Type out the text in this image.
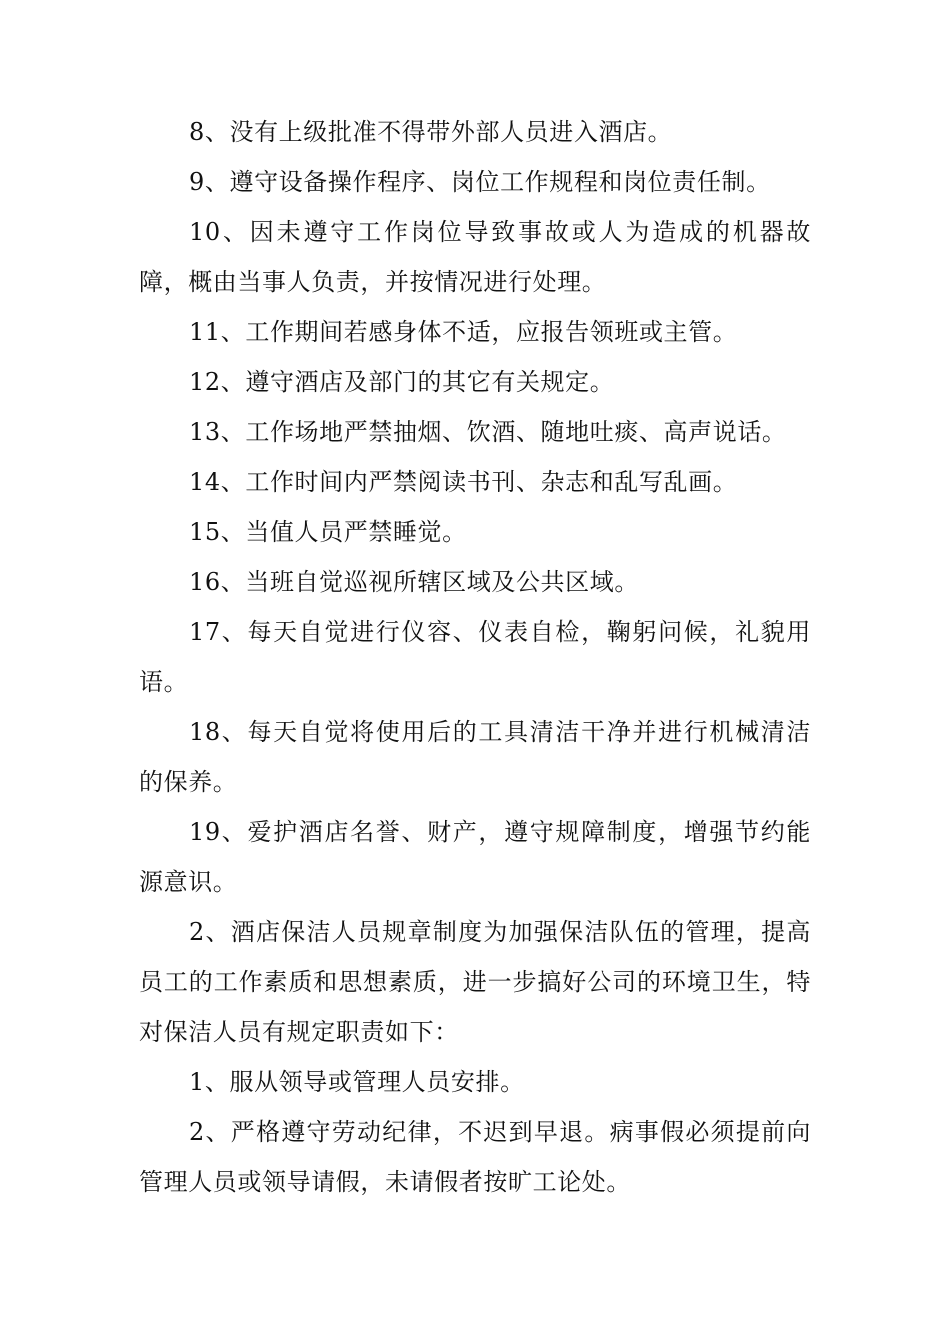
8、没有上级批准不得带外部人员进入酒店。

9、遵守设备操作程序、岗位工作规程和岗位责任制。

10、因未遵守工作岗位导致事故或人为造成的机器故障，概由当事人负责，并按情况进行处理。

11、工作期间若感身体不适，应报告领班或主管。

12、遵守酒店及部门的其它有关规定。

13、工作场地严禁抽烟、饮酒、随地吐痰、高声说话。

14、工作时间内严禁阅读书刊、杂志和乱写乱画。

15、当值人员严禁睡觉。

16、当班自觉巡视所辖区域及公共区域。

17、每天自觉进行仪容、仪表自检，鞠躬问候，礼貌用语。

18、每天自觉将使用后的工具清洁干净并进行机械清洁的保养。

19、爱护酒店名誉、财产，遵守规障制度，增强节约能源意识。

2、酒店保洁人员规章制度为加强保洁队伍的管理，提高员工的工作素质和思想素质，进一步搞好公司的环境卫生，特对保洁人员有规定职责如下：

1、服从领导或管理人员安排。

2、严格遵守劳动纪律，不迟到早退。病事假必须提前向管理人员或领导请假，未请假者按旷工论处。
